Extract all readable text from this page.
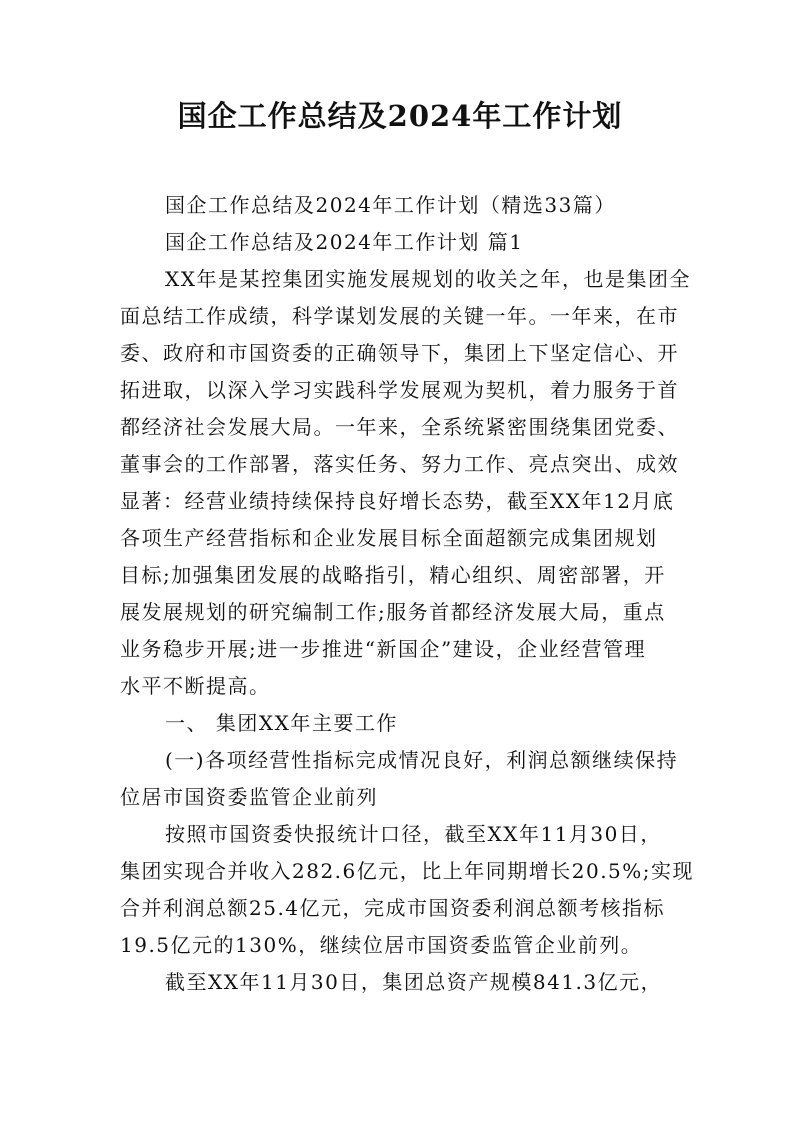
国企工作总结及2024年工作计划
国企工作总结及2024年工作计划（精选33篇）
国企工作总结及2024年工作计划 篇1
XX年是某控集团实施发展规划的收关之年，也是集团全
面总结工作成绩，科学谋划发展的关键一年。一年来，在市
委、政府和市国资委的正确领导下，集团上下坚定信心、开
拓进取，以深入学习实践科学发展观为契机，着力服务于首
都经济社会发展大局。一年来，全系统紧密围绕集团党委、
董事会的工作部署，落实任务、努力工作、亮点突出、成效
显著：经营业绩持续保持良好增长态势，截至XX年12月底
各项生产经营指标和企业发展目标全面超额完成集团规划
目标;加强集团发展的战略指引，精心组织、周密部署，开
展发展规划的研究编制工作;服务首都经济发展大局，重点
业务稳步开展;进一步推进“新国企”建设，企业经营管理
水平不断提高。
一、 集团XX年主要工作
(一)各项经营性指标完成情况良好，利润总额继续保持
位居市国资委监管企业前列
按照市国资委快报统计口径，截至XX年11月30日，
集团实现合并收入282.6亿元，比上年同期增长20.5%;实现
合并利润总额25.4亿元，完成市国资委利润总额考核指标
19.5亿元的130%，继续位居市国资委监管企业前列。
截至XX年11月30日，集团总资产规模841.3亿元，
